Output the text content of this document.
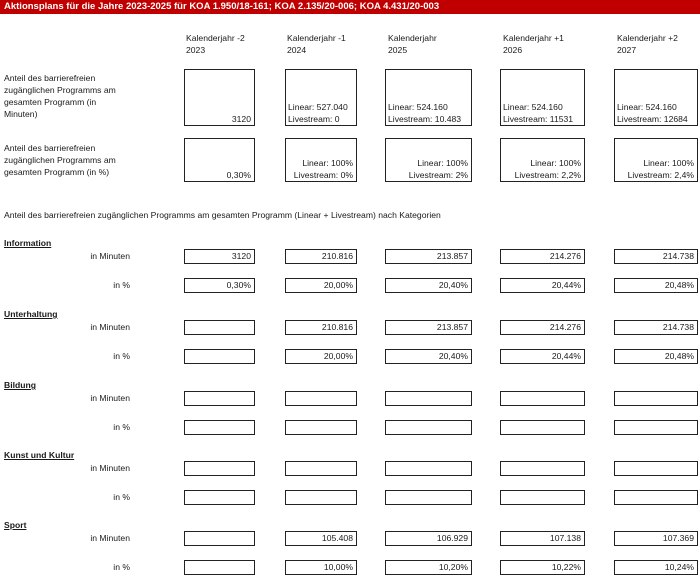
Aktionsplans für die Jahre 2023-2025 für KOA 1.950/18-161; KOA 2.135/20-006; KOA 4.431/20-003
Kalenderjahr -2
2023
Kalenderjahr -1
2024
Kalenderjahr
2025
Kalenderjahr +1
2026
Kalenderjahr +2
2027
Anteil des barrierefreien
zugänglichen Programms am
gesamten Programm (in
Minuten)	3120
Linear: 527.040
Livestream: 0
Linear: 524.160
Livestream: 10.483
Linear: 524.160
Livestream: 11531
Linear: 524.160
Livestream: 12684
Anteil des barrierefreien
zugänglichen Programms am
gesamten Programm (in %)	0,30%
Linear: 100%
Livestream: 0%
Linear: 100%
Livestream: 2%
Linear: 100%
Livestream: 2,2%
Linear: 100%
Livestream: 2,4%
Anteil des barrierefreien zugänglichen Programms am gesamten Programm (Linear + Livestream) nach Kategorien
Information
in Minuten
in %
3120
0,30%
210.816
20,00%
213.857
20,40%
214.276
20,44%
214.738
20,48%
Unterhaltung
in Minuten
in %
210.816
20,00%
213.857
20,40%
214.276
20,44%
214.738
20,48%
Bildung
in Minuten
in %
Kunst und Kultur
in Minuten
in %
Sport
in Minuten
in %
105.408
10,00%
106.929
10,20%
107.138
10,22%
107.369
10,24%
